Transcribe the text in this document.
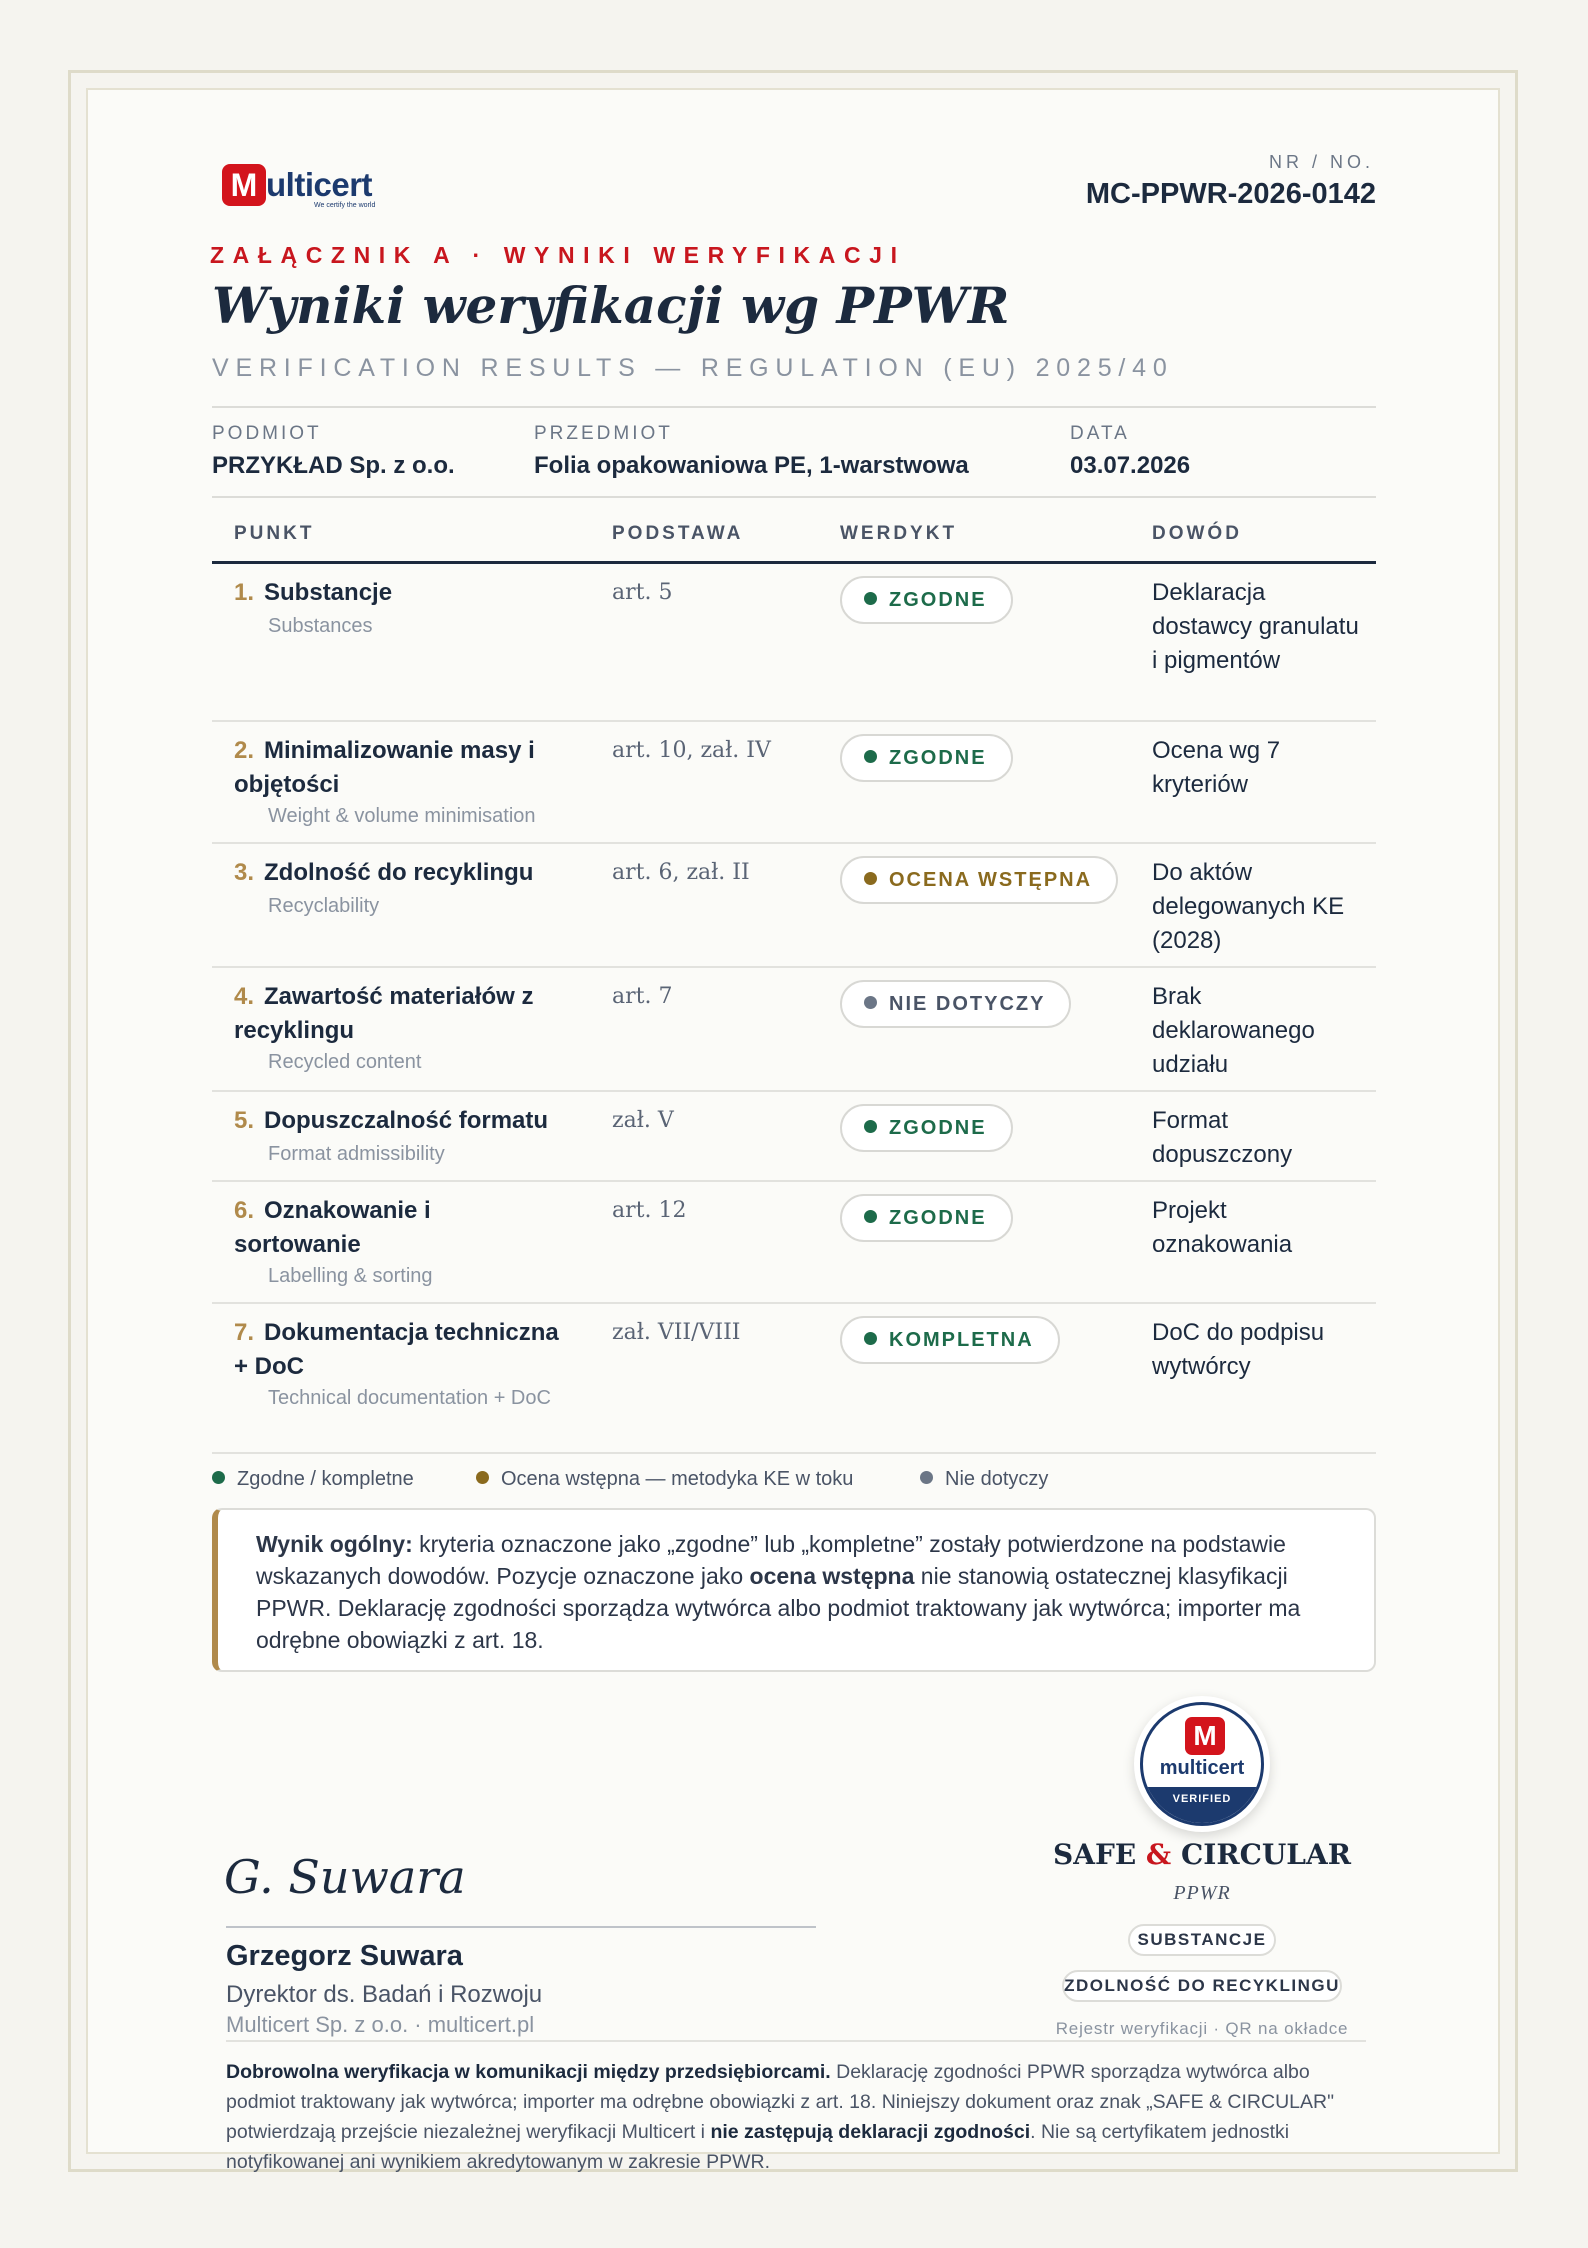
M ulticert
We certify the world
NR / NO.
MC-PPWR-2026-0142
ZAŁĄCZNIK A · WYNIKI WERYFIKACJI
Wyniki weryfikacji wg PPWR
VERIFICATION RESULTS — REGULATION (EU) 2025/40
PODMIOT
PRZYKŁAD Sp. z o.o.
PRZEDMIOT
Folia opakowaniowa PE, 1-warstwowa
DATA
03.07.2026
PUNKT	PODSTAWA	WERDYKT	DOWÓD
1. Substancje
Substances
art. 5	ZGODNE	Deklaracja dostawcy granulatu i pigmentów
2. Minimalizowanie masy i objętości
Weight & volume minimisation
art. 10, zał. IV	ZGODNE	Ocena wg 7 kryteriów
3. Zdolność do recyklingu
Recyclability
art. 6, zał. II	OCENA WSTĘPNA	Do aktów delegowanych KE (2028)
4. Zawartość materiałów z recyklingu
Recycled content
art. 7	NIE DOTYCZY	Brak deklarowanego udziału
5. Dopuszczalność formatu
Format admissibility
zał. V	ZGODNE	Format dopuszczony
6. Oznakowanie i sortowanie
Labelling & sorting
art. 12	ZGODNE	Projekt oznakowania
7. Dokumentacja techniczna + DoC
Technical documentation + DoC
zał. VII/VIII	KOMPLETNA	DoC do podpisu wytwórcy
Zgodne / kompletne	Ocena wstępna — metodyka KE w toku	Nie dotyczy

Wynik ogólny: kryteria oznaczone jako „zgodne” lub „kompletne” zostały potwierdzone na podstawie wskazanych dowodów. Pozycje oznaczone jako ocena wstępna nie stanowią ostatecznej klasyfikacji PPWR. Deklarację zgodności sporządza wytwórca albo podmiot traktowany jak wytwórca; importer ma odrębne obowiązki z art. 18.

M
multicert
VERIFIED
SAFE & CIRCULAR
PPWR
SUBSTANCJE
ZDOLNOŚĆ DO RECYKLINGU
Rejestr weryfikacji · QR na okładce
G. Suwara
Grzegorz Suwara
Dyrektor ds. Badań i Rozwoju
Multicert Sp. z o.o. · multicert.pl
Dobrowolna weryfikacja w komunikacji między przedsiębiorcami. Deklarację zgodności PPWR sporządza wytwórca albo podmiot traktowany jak wytwórca; importer ma odrębne obowiązki z art. 18. Niniejszy dokument oraz znak „SAFE & CIRCULAR" potwierdzają przejście niezależnej weryfikacji Multicert i nie zastępują deklaracji zgodności. Nie są certyfikatem jednostki notyfikowanej ani wynikiem akredytowanym w zakresie PPWR.
